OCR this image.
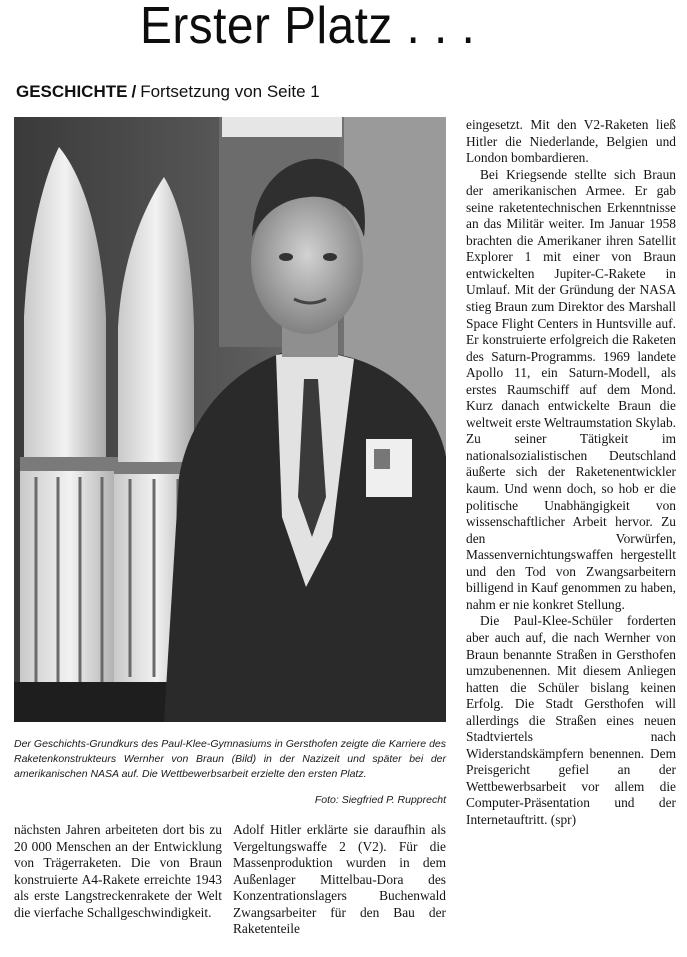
Erster Platz . . .
GESCHICHTE / Fortsetzung von Seite 1
Der Geschichts-Grundkurs des Paul-Klee-Gymnasiums in Gersthofen zeigte die Karriere des Raketenkonstrukteurs Wernher von Braun (Bild) in der Nazizeit und später bei der amerikanischen NASA auf. Die Wettbewerbsarbeit erzielte den ersten Platz.
Foto: Siegfried P. Rupprecht

nächsten Jahren arbeiteten dort bis zu 20 000 Menschen an der Entwicklung von Trägerraketen. Die von Braun konstruierte A4-Rakete erreichte 1943 als erste Langstreckenrakete der Welt die vierfache Schallgeschwindigkeit.

Adolf Hitler erklärte sie daraufhin als Vergeltungswaffe 2 (V2). Für die Massenproduktion wurden in dem Außenlager Mittelbau-Dora des Konzentrationslagers Buchenwald Zwangsarbeiter für den Bau der Raketenteile

eingesetzt. Mit den V2-Raketen ließ Hitler die Niederlande, Belgien und London bombardieren.

Bei Kriegsende stellte sich Braun der amerikanischen Armee. Er gab seine raketentechnischen Erkenntnisse an das Militär weiter. Im Januar 1958 brachten die Amerikaner ihren Satellit Explorer 1 mit einer von Braun entwickelten Jupiter-C-Rakete in Umlauf. Mit der Gründung der NASA stieg Braun zum Direktor des Marshall Space Flight Centers in Huntsville auf. Er konstruierte erfolgreich die Raketen des Saturn-Programms. 1969 landete Apollo 11, ein Saturn-Modell, als erstes Raumschiff auf dem Mond. Kurz danach entwickelte Braun die weltweit erste Weltraumstation Skylab. Zu seiner Tätigkeit im nationalsozialistischen Deutschland äußerte sich der Raketenentwickler kaum. Und wenn doch, so hob er die politische Unabhängigkeit von wissenschaftlicher Arbeit hervor. Zu den Vorwürfen, Massenvernichtungswaffen hergestellt und den Tod von Zwangsarbeitern billigend in Kauf genommen zu haben, nahm er nie konkret Stellung.

Die Paul-Klee-Schüler forderten aber auch auf, die nach Wernher von Braun benannte Straßen in Gersthofen umzubenennen. Mit diesem Anliegen hatten die Schüler bislang keinen Erfolg. Die Stadt Gersthofen will allerdings die Straßen eines neuen Stadtviertels nach Widerstandskämpfern benennen. Dem Preisgericht gefiel an der Wettbewerbsarbeit vor allem die Computer-Präsentation und der Internetauftritt. (spr)
